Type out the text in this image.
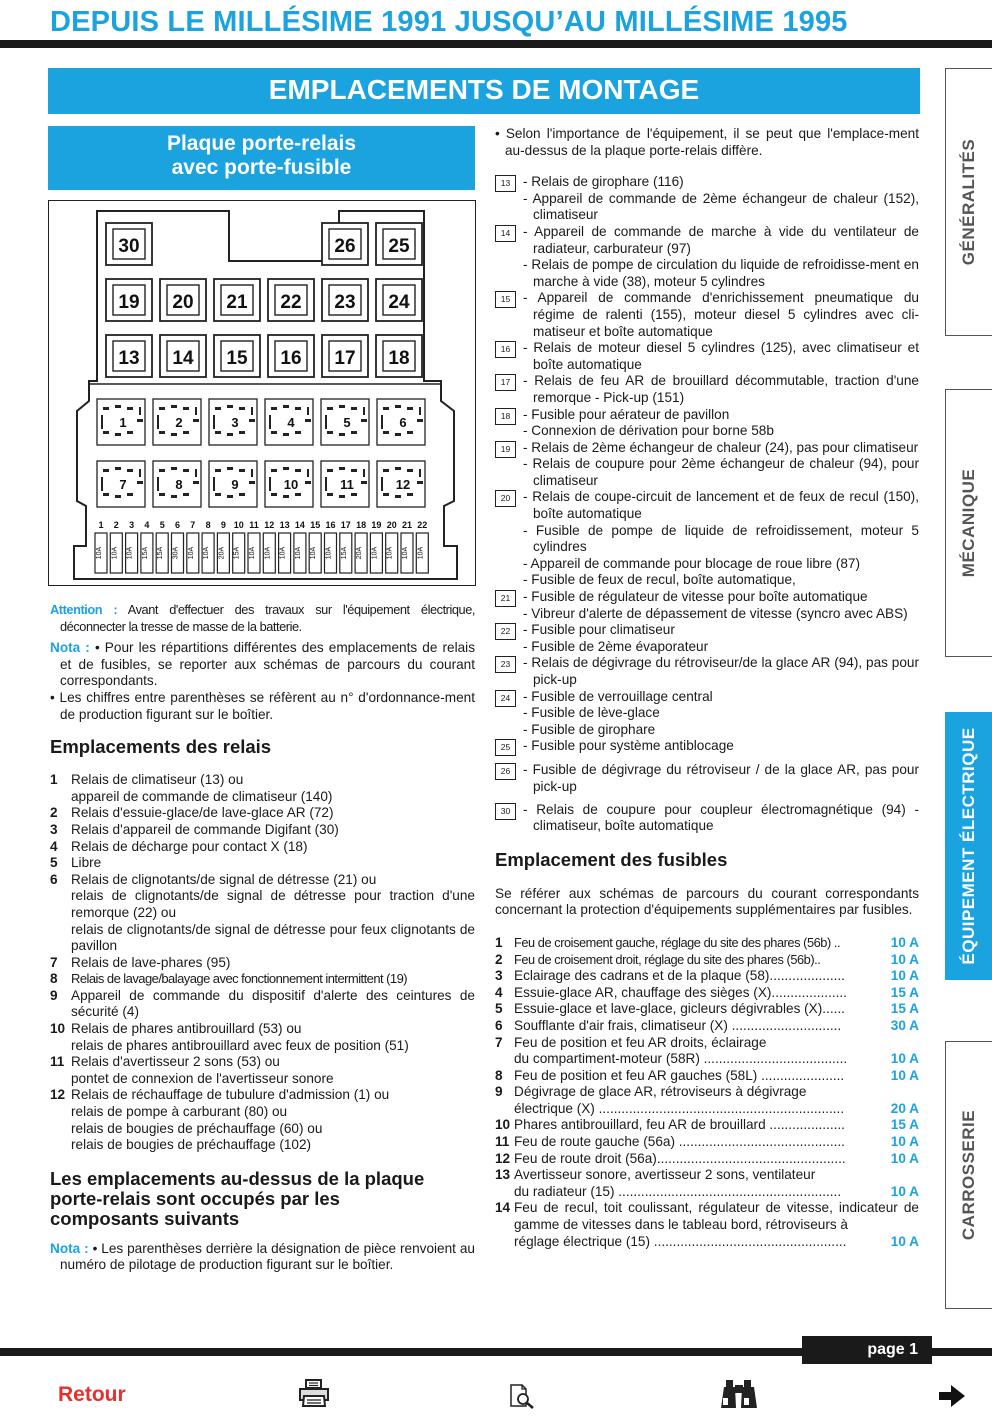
DEPUIS LE MILLÉSIME 1991 JUSQU’AU MILLÉSIME 1995
EMPLACEMENTS DE MONTAGE
Plaque porte-relais
avec porte-fusible
30	26 25
19 20 21 22 23 24
13 14 15 16 17 18
1	2	3	4	5	6
7	8	9	10	11	12
1
10A
2
10A
3
10A
4
15A
5
15A
6
30A
7
10A
8
10A
9
20A
10
15A
11
10A
12
10A
13
10A
14
10A
15
10A
16
10A
17
15A
18
20A
19
10A
20
10A
21
10A
22
10A
Attention : Avant d'effectuer des travaux sur l'équipement électrique, déconnecter la tresse de masse de la batterie.
Nota : • Pour les répartitions différentes des emplacements de relais et de fusibles, se reporter aux schémas de parcours du courant correspondants.
• Les chiffres entre parenthèses se réfèrent au n° d'ordonnance-ment de production figurant sur le boîtier.
Emplacements des relais
1 Relais de climatiseur (13) ou
appareil de commande de climatiseur (140)
2 Relais d'essuie-glace/de lave-glace AR (72)
3 Relais d'appareil de commande Digifant (30)
4 Relais de décharge pour contact X (18)
5 Libre
6 Relais de clignotants/de signal de détresse (21) ou
relais de clignotants/de signal de détresse pour traction d'une remorque (22) ou
relais de clignotants/de signal de détresse pour feux clignotants de pavillon
7 Relais de lave-phares (95)
8	Relais de lavage/balayage avec fonctionnement intermittent (19)
9 Appareil de commande du dispositif d'alerte des ceintures de sécurité (4)
10 Relais de phares antibrouillard (53) ou
relais de phares antibrouillard avec feux de position (51)
11 Relais d'avertisseur 2 sons (53) ou
pontet de connexion de l'avertisseur sonore
12 Relais de réchauffage de tubulure d'admission (1) ou
relais de pompe à carburant (80) ou
relais de bougies de préchauffage (60) ou
relais de bougies de préchauffage (102)
Les emplacements au-dessus de la plaque
porte-relais sont occupés par les
composants suivants
Nota : • Les parenthèses derrière la désignation de pièce renvoient au numéro de pilotage de production figurant sur le boîtier.
• Selon l'importance de l'équipement, il se peut que l'emplace-ment au-dessus de la plaque porte-relais diffère.
13 - Relais de girophare (116)
- Appareil de commande de 2ème échangeur de chaleur (152), climatiseur
14 - Appareil de commande de marche à vide du ventilateur de radiateur, carburateur (97)
- Relais de pompe de circulation du liquide de refroidisse-ment en marche à vide (38), moteur 5 cylindres
15 - Appareil de commande d'enrichissement pneumatique du régime de ralenti (155), moteur diesel 5 cylindres avec cli-matiseur et boîte automatique
16 - Relais de moteur diesel 5 cylindres (125), avec climatiseur et boîte automatique
17 - Relais de feu AR de brouillard décommutable, traction d'une remorque - Pick-up (151)
18 - Fusible pour aérateur de pavillon
- Connexion de dérivation pour borne 58b
19 - Relais de 2ème échangeur de chaleur (24), pas pour climatiseur
- Relais de coupure pour 2ème échangeur de chaleur (94), pour climatiseur
20 - Relais de coupe-circuit de lancement et de feux de recul (150), boîte automatique
- Fusible de pompe de liquide de refroidissement, moteur 5 cylindres
- Appareil de commande pour blocage de roue libre (87)
- Fusible de feux de recul, boîte automatique,
21 - Fusible de régulateur de vitesse pour boîte automatique
- Vibreur d'alerte de dépassement de vitesse (syncro avec ABS)
22 - Fusible pour climatiseur
- Fusible de 2ème évaporateur
23 - Relais de dégivrage du rétroviseur/de la glace AR (94), pas pour pick-up
24 - Fusible de verrouillage central
- Fusible de lève-glace
- Fusible de girophare
25 - Fusible pour système antiblocage
26 - Fusible de dégivrage du rétroviseur / de la glace AR, pas pour pick-up
30 - Relais de coupure pour coupleur électromagnétique (94) - climatiseur, boîte automatique
Emplacement des fusibles
Se référer aux schémas de parcours du courant correspondants concernant la protection d'équipements supplémentaires par fusibles.
1 Feu de croisement gauche, réglage du site des phares (56b) ..	10 A
2 Feu de croisement droit, réglage du site des phares (56b)..	10 A
3 Eclairage des cadrans et de la plaque (58)....................	10 A
4 Essuie-glace AR, chauffage des sièges (X)....................	15 A
5 Essuie-glace et lave-glace, gicleurs dégivrables (X)......	15 A
6 Soufflante d'air frais, climatiseur (X) .............................	30 A
7 Feu de position et feu AR droits, éclairage
du compartiment-moteur (58R) ......................................	10 A
8 Feu de position et feu AR gauches (58L) ......................	10 A
9 Dégivrage de glace AR, rétroviseurs à dégivrage
électrique (X) .................................................................	20 A
10 Phares antibrouillard, feu AR de brouillard ....................	15 A
11 Feu de route gauche (56a) ............................................	10 A
12 Feu de route droit (56a)..................................................	10 A
13 Avertisseur sonore, avertisseur 2 sons, ventilateur
du radiateur (15) ...........................................................	10 A
14 Feu de recul, toit coulissant, régulateur de vitesse, indicateur de gamme de vitesses dans le tableau bord, rétroviseurs à
réglage électrique (15) ...................................................	10 A
GÉNÉRALITÉS
MÉCANIQUE
ÉQUIPEMENT ÉLECTRIQUE
CARROSSERIE
page 1
Retour
